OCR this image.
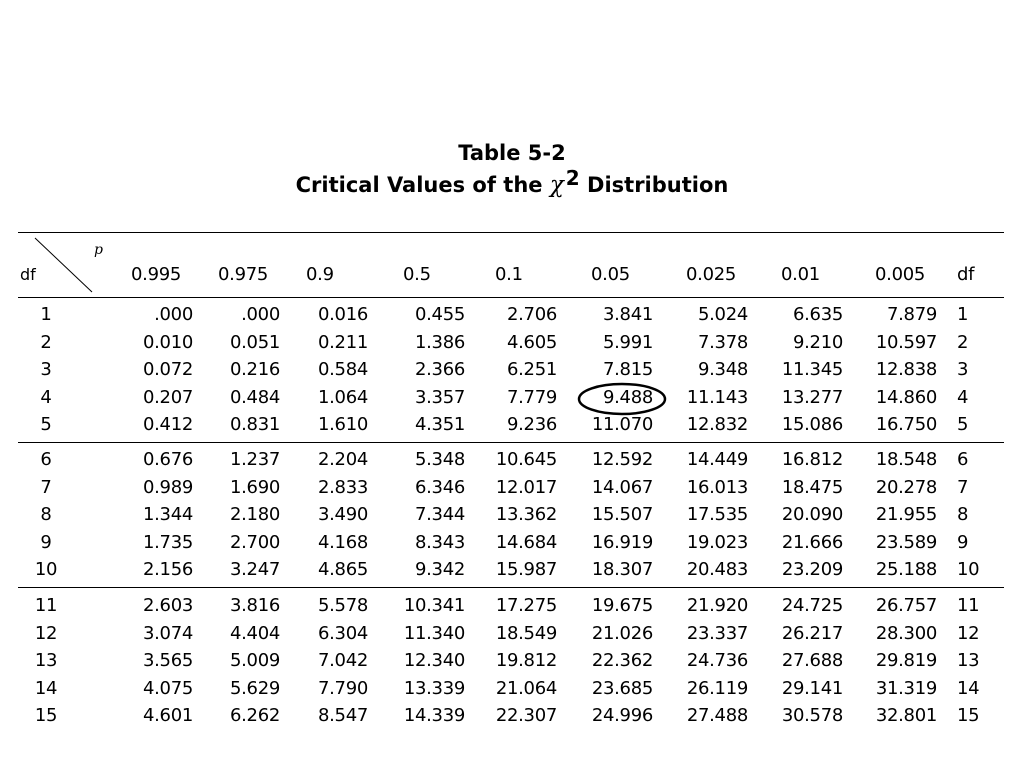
Table 5-2
Critical Values of the χ 2 Distribution
p
df	0.995 0.975 0.9	0.5	0.1	0.05	0.025 0.01	0.005 df
1	.000	.000	0.016	0.455	2.706	3.841	5.024	6.635	7.879 1
2	0.010	0.051	0.211	1.386	4.605	5.991	7.378	9.210	10.597 2
3	0.072	0.216	0.584	2.366	6.251	7.815	9.348	11.345	12.838 3
4	0.207	0.484	1.064	3.357	7.779	9.488	11.143	13.277	14.860 4
5	0.412	0.831	1.610	4.351	9.236	11.070	12.832	15.086	16.750 5
6	0.676	1.237	2.204	5.348	10.645	12.592	14.449	16.812	18.548 6
7	0.989	1.690	2.833	6.346	12.017	14.067	16.013	18.475	20.278 7
8	1.344	2.180	3.490	7.344	13.362	15.507	17.535	20.090	21.955 8
9	1.735	2.700	4.168	8.343	14.684	16.919	19.023	21.666	23.589 9
10	2.156	3.247	4.865	9.342	15.987	18.307	20.483	23.209	25.188 10
11	2.603	3.816	5.578	10.341	17.275	19.675	21.920	24.725	26.757 11
12	3.074	4.404	6.304	11.340	18.549	21.026	23.337	26.217	28.300 12
13	3.565	5.009	7.042	12.340	19.812	22.362	24.736	27.688	29.819 13
14	4.075	5.629	7.790	13.339	21.064	23.685	26.119	29.141	31.319 14
15	4.601	6.262	8.547	14.339	22.307	24.996	27.488	30.578	32.801 15
